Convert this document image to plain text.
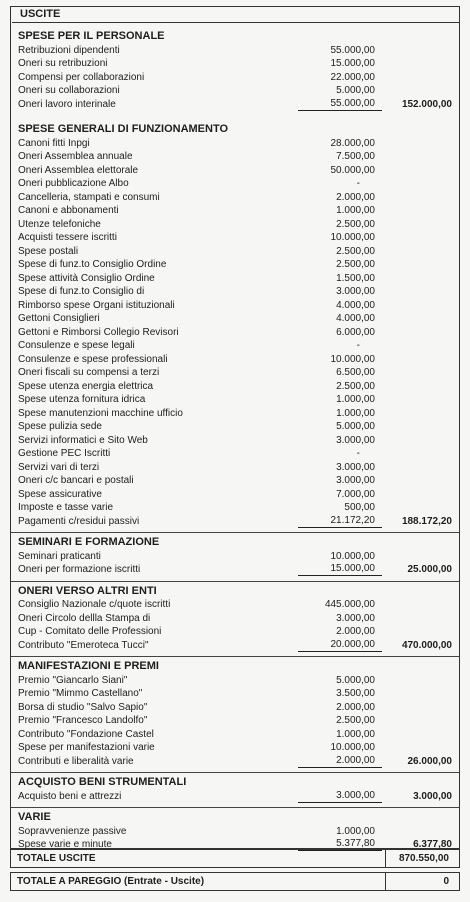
USCITE
SPESE PER IL PERSONALE
Retribuzioni dipendenti	55.000,00
Oneri su retribuzioni	15.000,00
Compensi per collaborazioni	22.000,00
Oneri su collaborazioni	5.000,00
Oneri lavoro interinale	55.000,00	152.000,00
SPESE GENERALI DI FUNZIONAMENTO
Canoni fitti Inpgi	28.000,00
Oneri Assemblea annuale	7.500,00
Oneri Assemblea elettorale	50.000,00
Oneri pubblicazione Albo	-
Cancelleria, stampati e consumi	2.000,00
Canoni e abbonamenti	1.000,00
Utenze telefoniche	2.500,00
Acquisti tessere iscritti	10.000,00
Spese postali	2.500,00
Spese di funz.to Consiglio Ordine	2.500,00
Spese attività Consiglio Ordine	1.500,00
Spese di funz.to Consiglio di	3.000,00
Rimborso spese Organi istituzionali	4.000,00
Gettoni Consiglieri	4.000,00
Gettoni e Rimborsi Collegio Revisori	6.000,00
Consulenze e spese legali	-
Consulenze e spese professionali	10.000,00
Oneri fiscali su compensi a terzi	6.500,00
Spese utenza energia elettrica	2.500,00
Spese utenza fornitura idrica	1.000,00
Spese manutenzioni macchine ufficio	1.000,00
Spese pulizia sede	5.000,00
Servizi informatici e Sito Web	3.000,00
Gestione PEC Iscritti	-
Servizi vari di terzi	3.000,00
Oneri c/c bancari e postali	3.000,00
Spese assicurative	7.000,00
Imposte e tasse varie	500,00
Pagamenti c/residui passivi	21.172,20	188.172,20
SEMINARI E FORMAZIONE
Seminari praticanti	10.000,00
Oneri per formazione iscritti	15.000,00	25.000,00
ONERI VERSO ALTRI ENTI
Consiglio Nazionale c/quote iscritti	445.000,00
Oneri Circolo dellla Stampa di	3.000,00
Cup - Comitato delle Professioni	2.000,00
Contributo "Emeroteca Tucci"	20.000,00	470.000,00
MANIFESTAZIONI E PREMI
Premio "Giancarlo Siani"	5.000,00
Premio "Mimmo Castellano"	3.500,00
Borsa di studio "Salvo Sapio"	2.000,00
Premio "Francesco Landolfo"	2.500,00
Contributo "Fondazione Castel	1.000,00
Spese per manifestazioni varie	10.000,00
Contributi e liberalità varie	2.000,00	26.000,00
ACQUISTO BENI STRUMENTALI
Acquisto beni e attrezzi	3.000,00	3.000,00
VARIE
Sopravvenienze passive	1.000,00
Spese varie e minute	5.377,80	6.377,80
TOTALE USCITE	870.550,00
TOTALE A PAREGGIO (Entrate - Uscite)	0
